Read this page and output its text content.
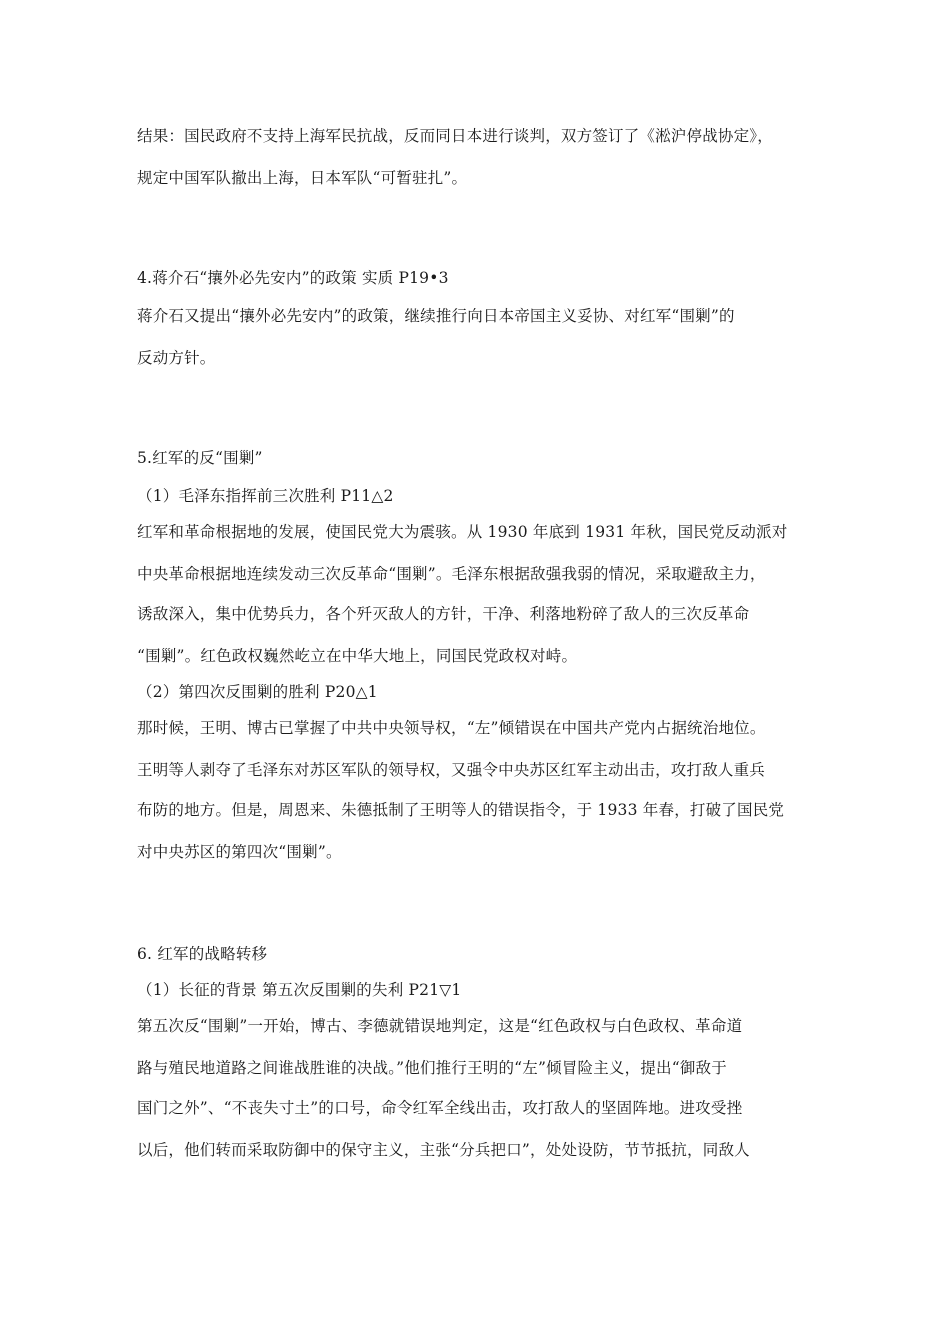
结果：国民政府不支持上海军民抗战，反而同日本进行谈判，双方签订了《淞沪停战协定》，
规定中国军队撤出上海，日本军队“可暂驻扎”。
4.蒋介石“攘外必先安内”的政策 实质 P19•3
蒋介石又提出“攘外必先安内”的政策，继续推行向日本帝国主义妥协、对红军“围剿”的
反动方针。
5.红军的反“围剿”
（1）毛泽东指挥前三次胜利 P11△2
红军和革命根据地的发展，使国民党大为震骇。从 1930 年底到 1931 年秋，国民党反动派对
中央革命根据地连续发动三次反革命“围剿”。毛泽东根据敌强我弱的情况，采取避敌主力，
诱敌深入，集中优势兵力，各个歼灭敌人的方针，干净、利落地粉碎了敌人的三次反革命
“围剿”。红色政权巍然屹立在中华大地上，同国民党政权对峙。
（2）第四次反围剿的胜利 P20△1
那时候，王明、博古已掌握了中共中央领导权，“左”倾错误在中国共产党内占据统治地位。
王明等人剥夺了毛泽东对苏区军队的领导权，又强令中央苏区红军主动出击，攻打敌人重兵
布防的地方。但是，周恩来、朱德抵制了王明等人的错误指令，于 1933 年春，打破了国民党
对中央苏区的第四次“围剿”。
6. 红军的战略转移
（1）长征的背景 第五次反围剿的失利 P21▽1
第五次反“围剿”一开始，博古、李德就错误地判定，这是“红色政权与白色政权、革命道
路与殖民地道路之间谁战胜谁的决战。”他们推行王明的“左”倾冒险主义，提出“御敌于
国门之外”、“不丧失寸土”的口号，命令红军全线出击，攻打敌人的坚固阵地。进攻受挫
以后，他们转而采取防御中的保守主义，主张“分兵把口”，处处设防，节节抵抗，同敌人
